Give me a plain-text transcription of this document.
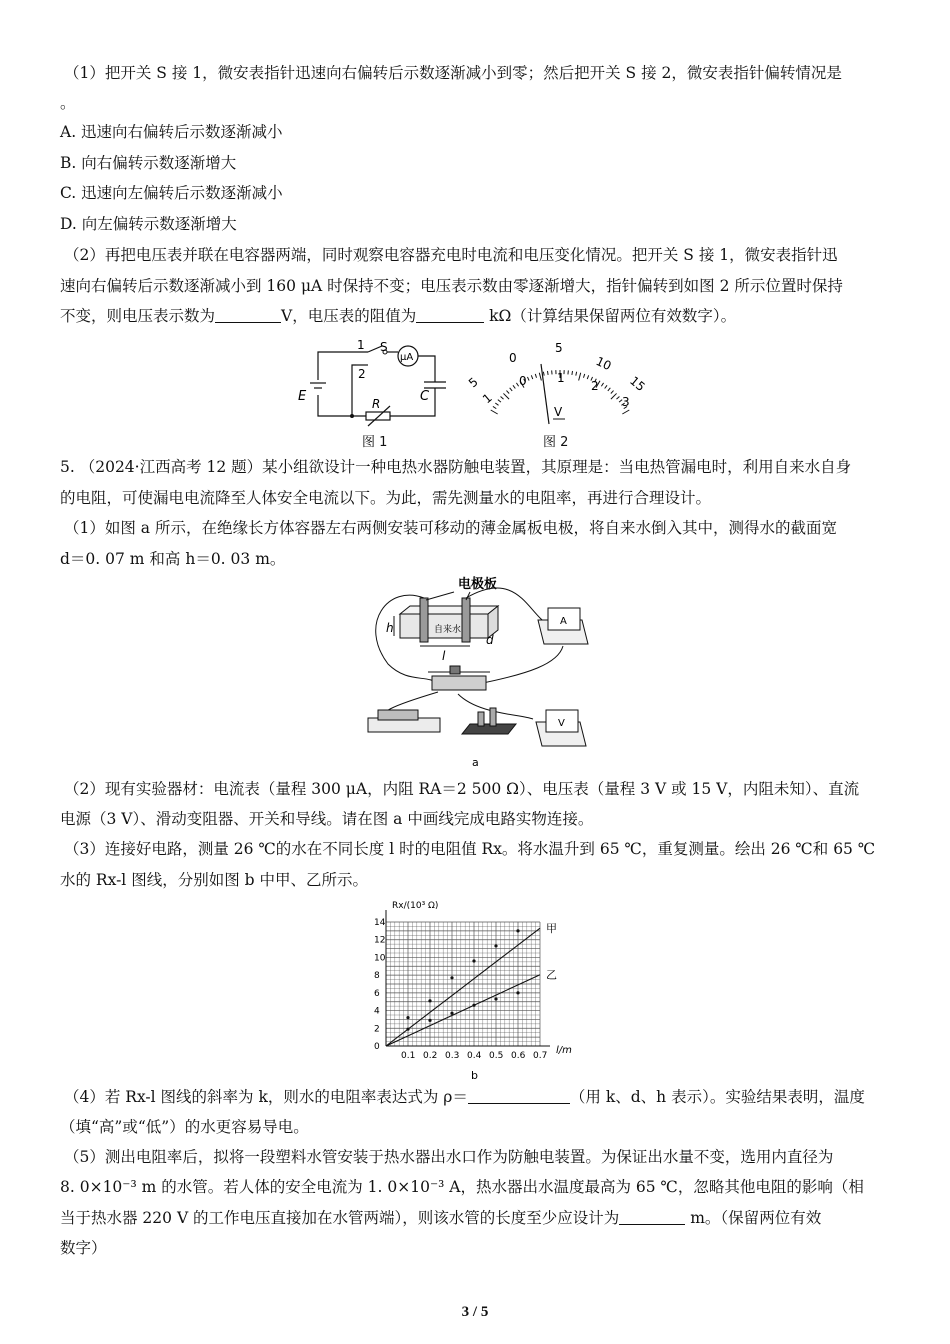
（1）把开关 S 接 1，微安表指针迅速向右偏转后示数逐渐减小到零；然后把开关 S 接 2，微安表指针偏转情况是
。
A. 迅速向右偏转后示数逐渐减小
B. 向右偏转示数逐渐增大
C. 迅速向左偏转后示数逐渐减小
D. 向左偏转示数逐渐增大
（2）再把电压表并联在电容器两端，同时观察电容器充电时电流和电压变化情况。把开关 S 接 1，微安表指针迅
速向右偏转后示数逐渐减小到 160 μA 时保持不变；电压表示数由零逐渐增大，指针偏转到如图 2 所示位置时保持
不变，则电压表示数为	V，电压表的阻值为	kΩ（计算结果保留两位有效数字）。
1 S
μA
2
E	C
R
图 1
0
5
10
15
0	1
2
3
5
1
V
图 2
5. （2024·江西高考 12 题）某小组欲设计一种电热水器防触电装置，其原理是：当电热管漏电时，利用自来水自身
的电阻，可使漏电电流降至人体安全电流以下。为此，需先测量水的电阻率，再进行合理设计。
（1）如图 a 所示，在绝缘长方体容器左右两侧安装可移动的薄金属板电极，将自来水倒入其中，测得水的截面宽
d＝0. 07 m 和高 h＝0. 03 m。
电极板
自来水
h
d
l
A
V
a
（2）现有实验器材：电流表（量程 300 μA，内阻 RA＝2 500 Ω）、电压表（量程 3 V 或 15 V，内阻未知）、直流
电源（3 V）、滑动变阻器、开关和导线。请在图 a 中画线完成电路实物连接。
（3）连接好电路，测量 26 ℃的水在不同长度 l 时的电阻值 Rx。将水温升到 65 ℃，重复测量。绘出 26 ℃和 65 ℃
水的 Rx-l 图线，分别如图 b 中甲、乙所示。
0.1 0.2 0.3 0.4 0.5 0.6 0.7
0
2
4
6
8
10
12
14
Rx/(10³ Ω)
l/m
甲
乙
b
（4）若 Rx-l 图线的斜率为 k，则水的电阻率表达式为 ρ＝	（用 k、d、h 表示）。实验结果表明，温度
（填“高”或“低”）的水更容易导电。
（5）测出电阻率后，拟将一段塑料水管安装于热水器出水口作为防触电装置。为保证出水量不变，选用内直径为
8. 0×10⁻³ m 的水管。若人体的安全电流为 1. 0×10⁻³ A，热水器出水温度最高为 65 ℃，忽略其他电阻的影响（相
当于热水器 220 V 的工作电压直接加在水管两端），则该水管的长度至少应设计为	m。（保留两位有效
数字）
3 / 5
